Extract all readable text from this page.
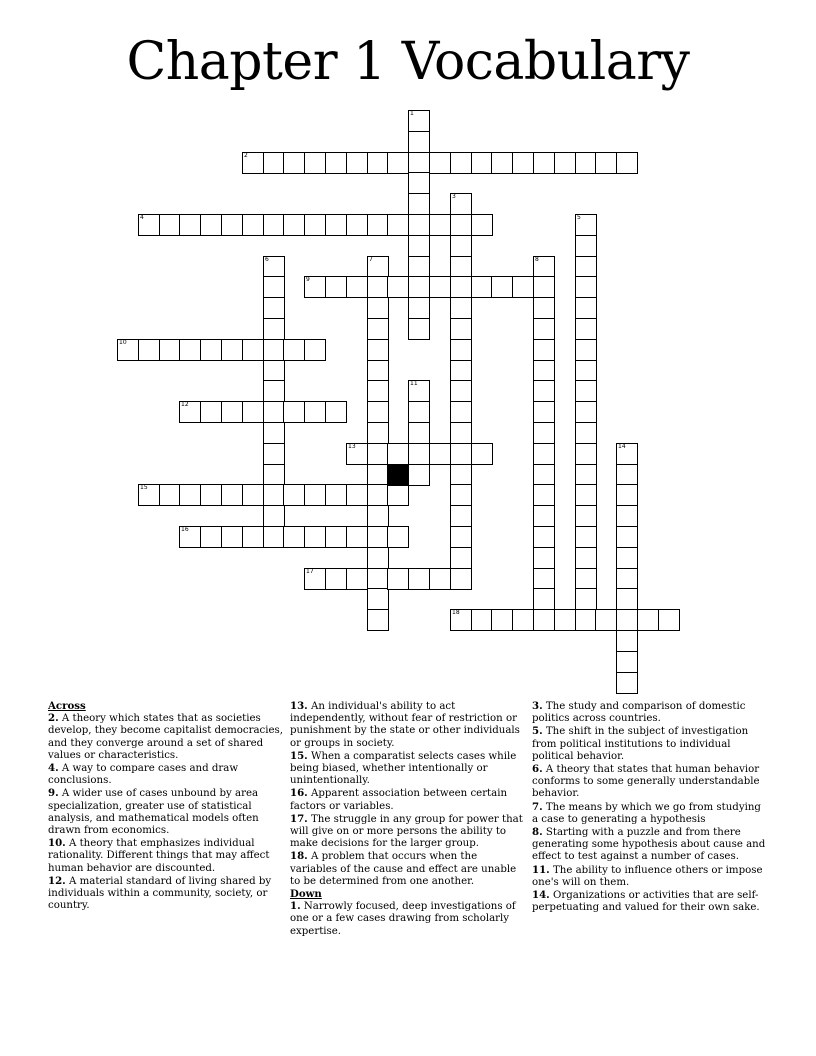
Chapter 1 Vocabulary
1
2
3
4	5
6	7	8
9
10
11
12
13	14
15
16
17
18
Across
2. A theory which states that as societies develop, they become capitalist democracies, and they converge around a set of shared values or characteristics.
4. A way to compare cases and draw conclusions.
9. A wider use of cases unbound by area specialization, greater use of statistical analysis, and mathematical models often drawn from economics.
10. A theory that emphasizes individual rationality. Different things that may affect human behavior are discounted.
12. A material standard of living shared by individuals within a community, society, or country.
13. An individual's ability to act independently, without fear of restriction or punishment by the state or other individuals or groups in society.
15. When a comparatist selects cases while being biased, whether intentionally or unintentionally.
16. Apparent association between certain factors or variables.
17. The struggle in any group for power that will give on or more persons the ability to make decisions for the larger group.
18. A problem that occurs when the variables of the cause and effect are unable to be determined from one another.
Down
1. Narrowly focused, deep investigations of one or a few cases drawing from scholarly expertise.
3. The study and comparison of domestic politics across countries.
5. The shift in the subject of investigation from political institutions to individual political behavior.
6. A theory that states that human behavior conforms to some generally understandable behavior.
7. The means by which we go from studying a case to generating a hypothesis
8. Starting with a puzzle and from there generating some hypothesis about cause and effect to test against a number of cases.
11. The ability to influence others or impose one's will on them.
14. Organizations or activities that are self-perpetuating and valued for their own sake.
